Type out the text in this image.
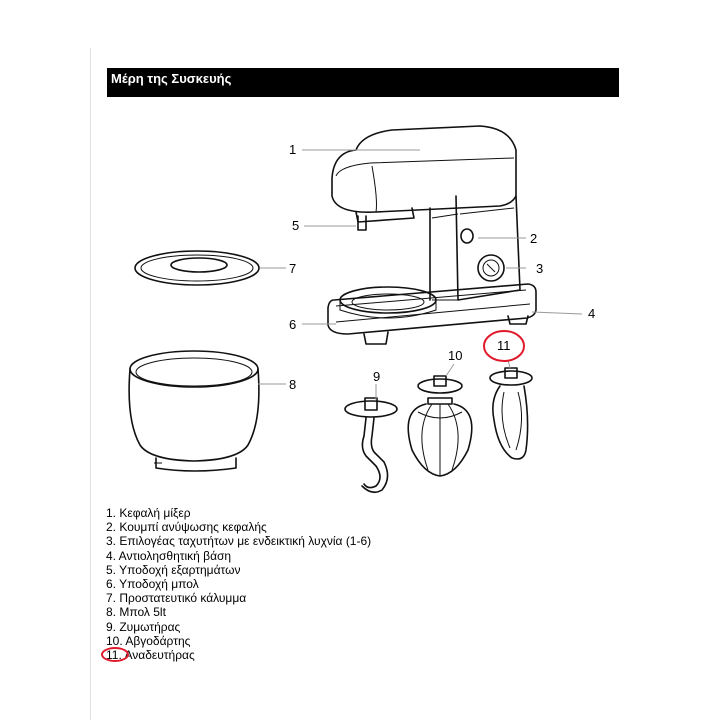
Μέρη της Συσκευής
1
2
3
4
5
6
7
8
9
10
11
1. Κεφαλή μίξερ
2. Κουμπί ανύψωσης κεφαλής
3. Επιλογέας ταχυτήτων με ενδεικτική λυχνία (1-6)
4. Αντιολησθητική βάση
5. Υποδοχή εξαρτημάτων
6. Υποδοχή μπολ
7. Προστατευτικό κάλυμμα
8. Μπολ 5lt
9. Ζυμωτήρας
10. Αβγοδάρτης
11. Αναδευτήρας
